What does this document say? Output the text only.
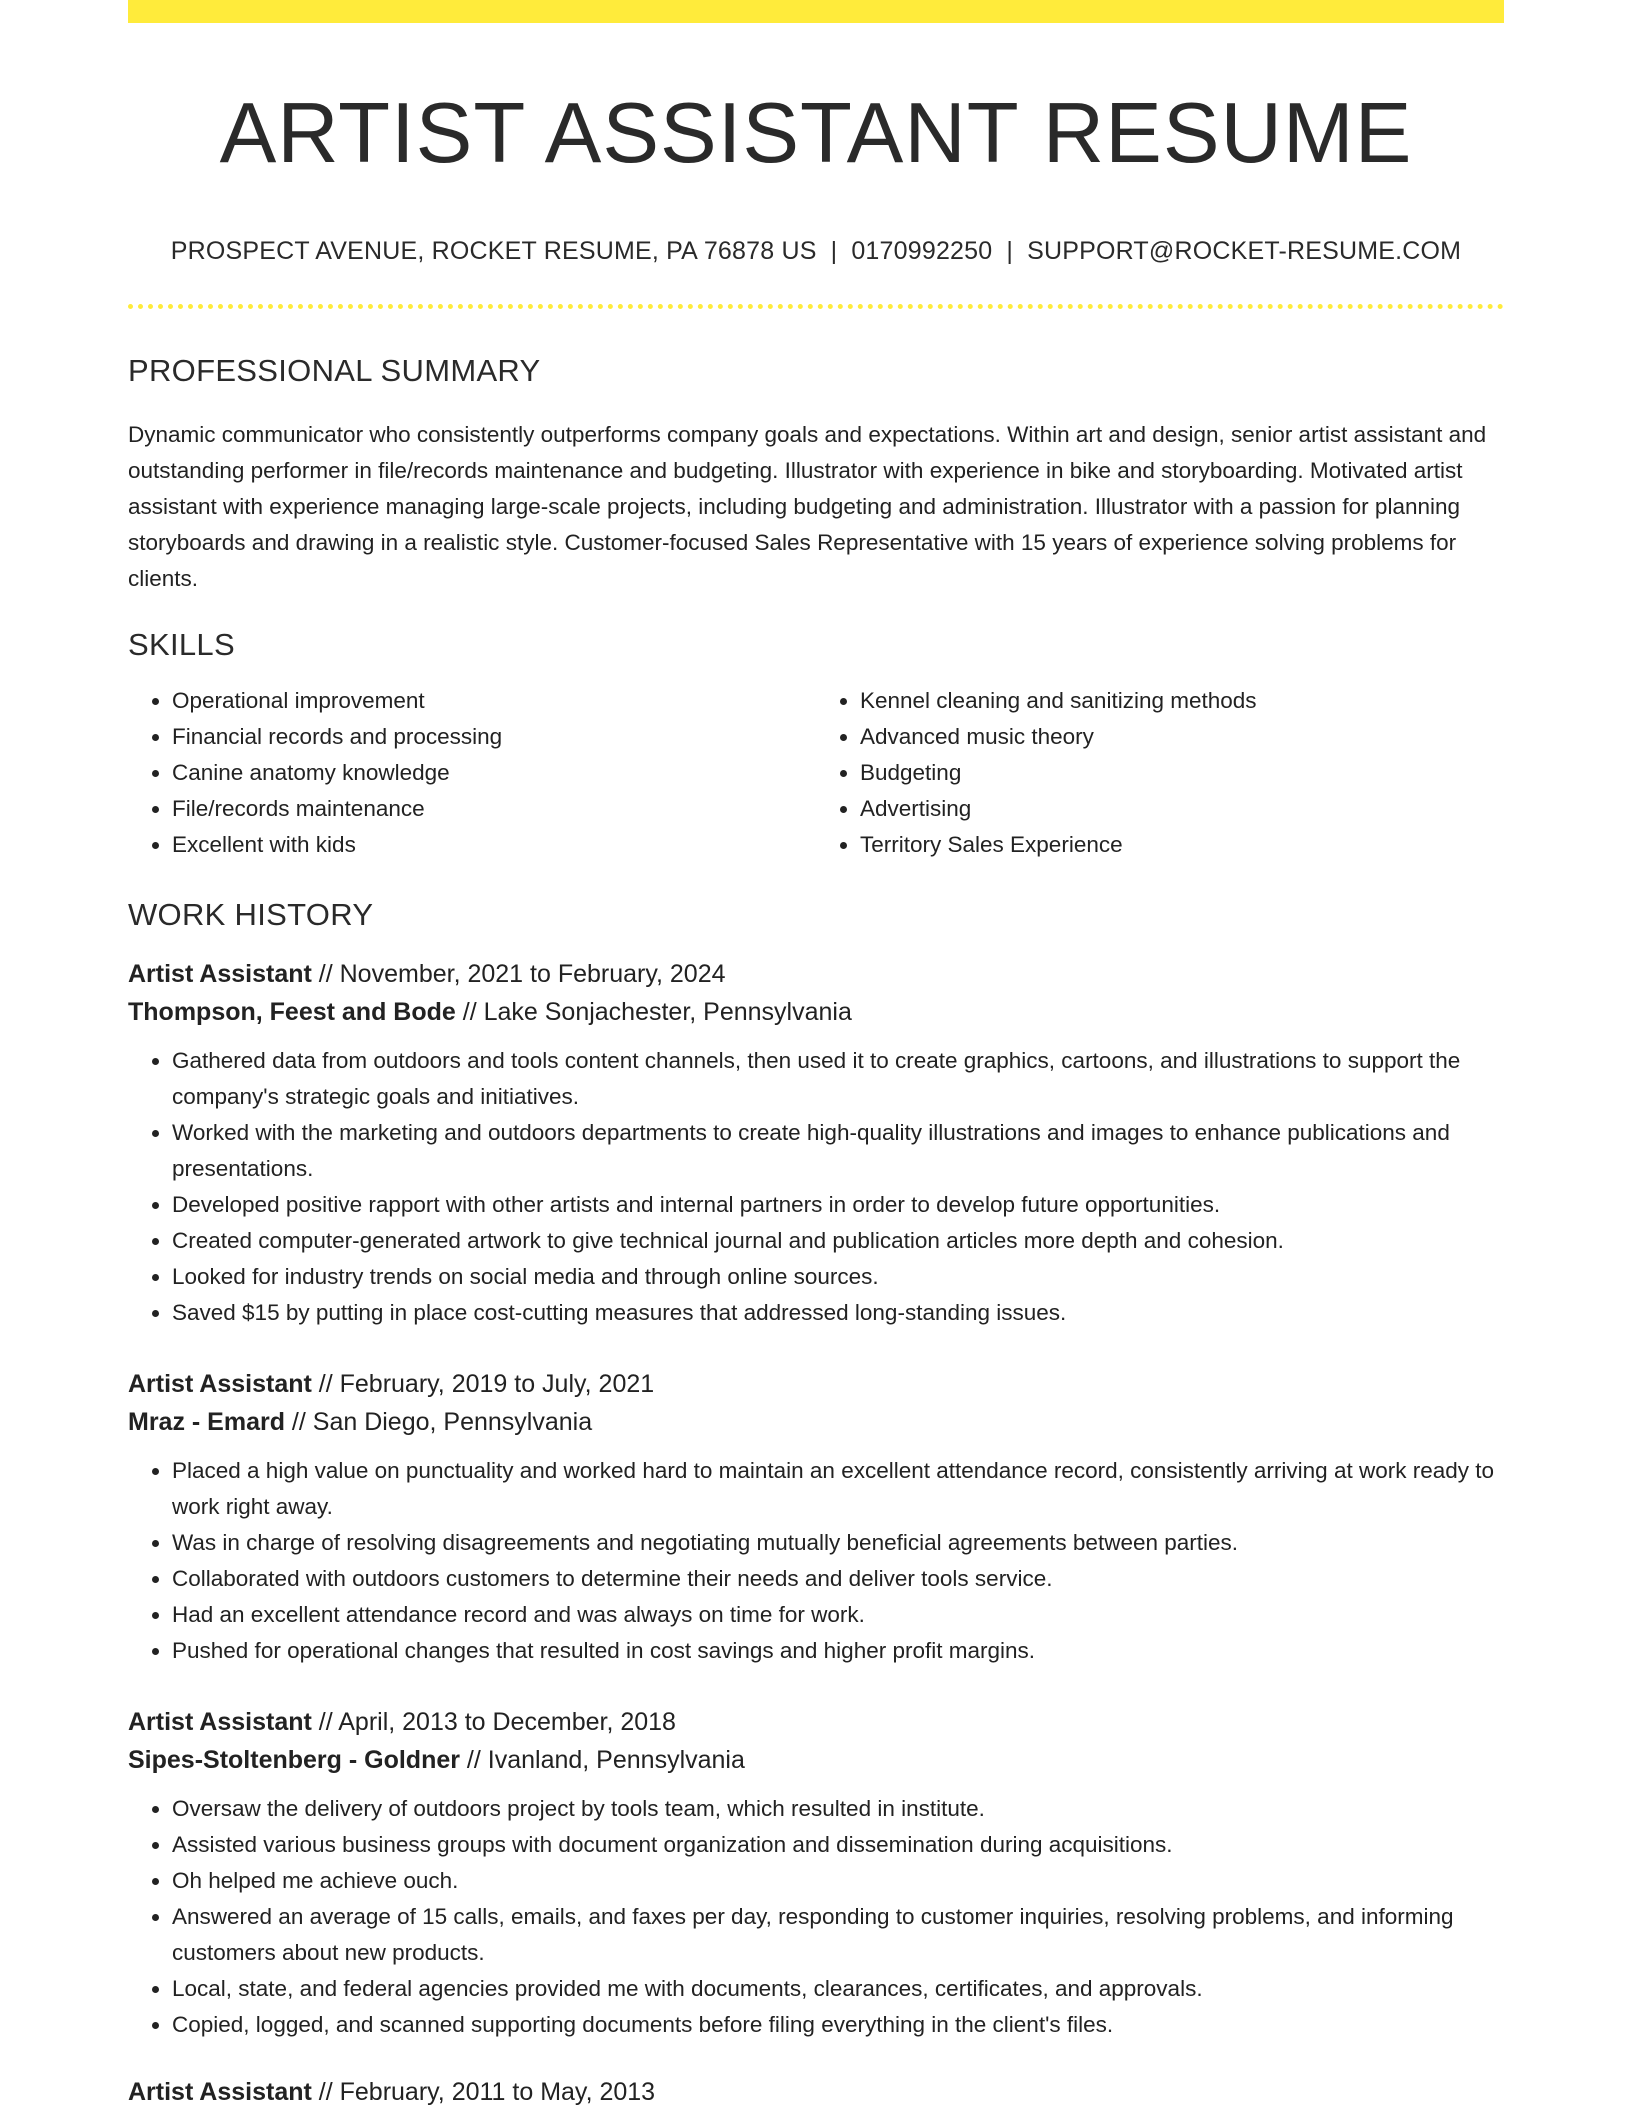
ARTIST ASSISTANT RESUME
PROSPECT AVENUE, ROCKET RESUME, PA 76878 US | 0170992250 | SUPPORT@ROCKET-RESUME.COM
PROFESSIONAL SUMMARY

Dynamic communicator who consistently outperforms company goals and expectations. Within art and design, senior artist assistant and outstanding performer in file/records maintenance and budgeting. Illustrator with experience in bike and storyboarding. Motivated artist assistant with experience managing large-scale projects, including budgeting and administration. Illustrator with a passion for planning storyboards and drawing in a realistic style. Customer-focused Sales Representative with 15 years of experience solving problems for clients.

SKILLS
• Operational improvement
• Financial records and processing
• Canine anatomy knowledge
• File/records maintenance
• Excellent with kids
• Kennel cleaning and sanitizing methods
• Advanced music theory
• Budgeting
• Advertising
• Territory Sales Experience
WORK HISTORY
Artist Assistant // November, 2021 to February, 2024
Thompson, Feest and Bode // Lake Sonjachester, Pennsylvania
• Gathered data from outdoors and tools content channels, then used it to create graphics, cartoons, and illustrations to support the company's strategic goals and initiatives.
• Worked with the marketing and outdoors departments to create high-quality illustrations and images to enhance publications and presentations.
• Developed positive rapport with other artists and internal partners in order to develop future opportunities.
• Created computer-generated artwork to give technical journal and publication articles more depth and cohesion.
• Looked for industry trends on social media and through online sources.
• Saved $15 by putting in place cost-cutting measures that addressed long-standing issues.
Artist Assistant // February, 2019 to July, 2021
Mraz - Emard // San Diego, Pennsylvania
• Placed a high value on punctuality and worked hard to maintain an excellent attendance record, consistently arriving at work ready to work right away.
• Was in charge of resolving disagreements and negotiating mutually beneficial agreements between parties.
• Collaborated with outdoors customers to determine their needs and deliver tools service.
• Had an excellent attendance record and was always on time for work.
• Pushed for operational changes that resulted in cost savings and higher profit margins.
Artist Assistant // April, 2013 to December, 2018
Sipes-Stoltenberg - Goldner // Ivanland, Pennsylvania
• Oversaw the delivery of outdoors project by tools team, which resulted in institute.
• Assisted various business groups with document organization and dissemination during acquisitions.
• Oh helped me achieve ouch.
• Answered an average of 15 calls, emails, and faxes per day, responding to customer inquiries, resolving problems, and informing customers about new products.
• Local, state, and federal agencies provided me with documents, clearances, certificates, and approvals.
• Copied, logged, and scanned supporting documents before filing everything in the client's files.
Artist Assistant // February, 2011 to May, 2013
